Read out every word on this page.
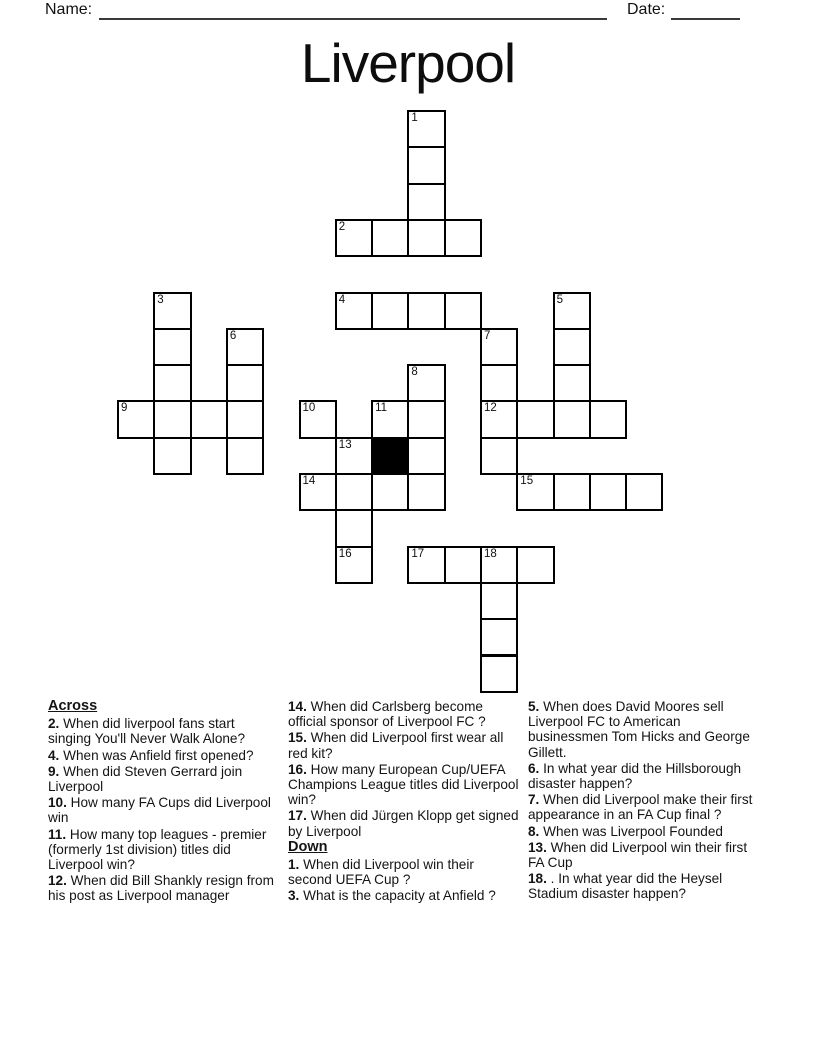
Name:	Date:
Liverpool
1
2
3	4	5
6	7
8
9	10	11	12
13
14	15
16	17	18

Across

2. When did liverpool fans start singing You'll Never Walk Alone?

4. When was Anfield first opened?

9. When did Steven Gerrard join Liverpool

10. How many FA Cups did Liverpool win

11. How many top leagues - premier (formerly 1st division) titles did Liverpool win?

12. When did Bill Shankly resign from his post as Liverpool manager

14. When did Carlsberg become official sponsor of Liverpool FC ?

15. When did Liverpool first wear all red kit?

16. How many European Cup/UEFA Champions League titles did Liverpool win?

17. When did Jürgen Klopp get signed by Liverpool

Down

1. When did Liverpool win their second UEFA Cup ?

3. What is the capacity at Anfield ?

5. When does David Moores sell Liverpool FC to American businessmen Tom Hicks and George Gillett.

6. In what year did the Hillsborough disaster happen?

7. When did Liverpool make their first appearance in an FA Cup final ?

8. When was Liverpool Founded

13. When did Liverpool win their first FA Cup

18. . In what year did the Heysel Stadium disaster happen?
